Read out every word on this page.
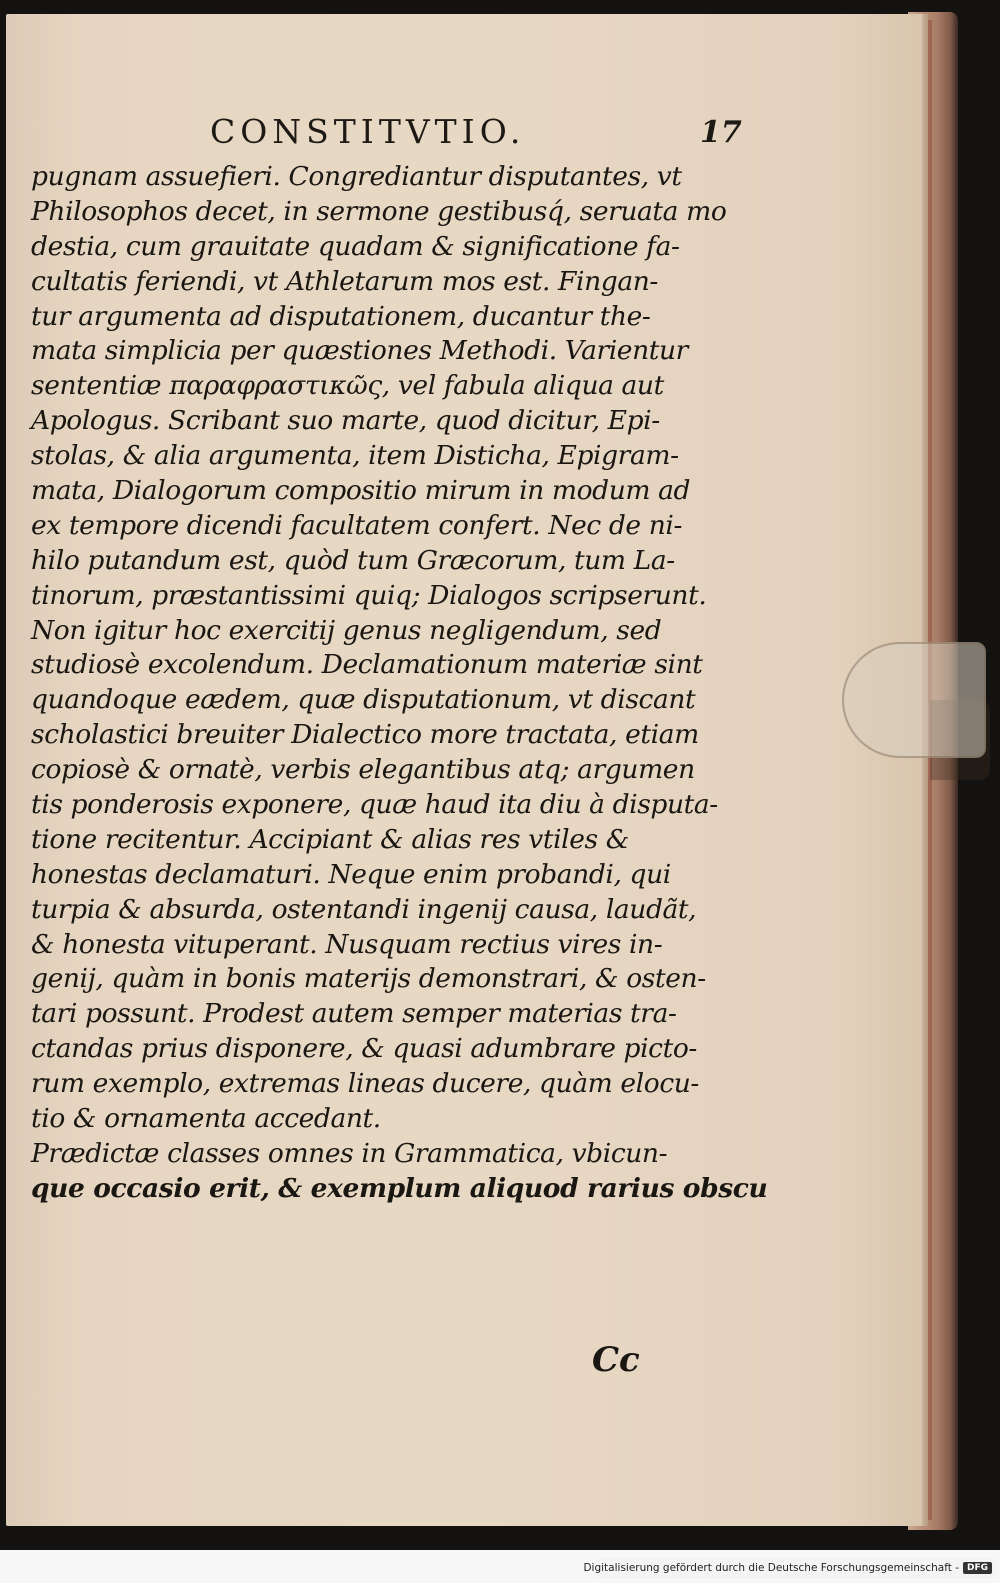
CONSTITVTIO.	17
pugnam assuefieri. Congrediantur disputantes, vt
Philosophos decet, in sermone gestibusq́, seruata mo
destia, cum grauitate quadam & significatione fa-
cultatis feriendi, vt Athletarum mos est. Fingan-
tur argumenta ad disputationem, ducantur the-
mata simplicia per quæstiones Methodi. Varientur
sententiæ παραφραστικῶς, vel fabula aliqua aut
Apologus. Scribant suo marte, quod dicitur, Epi-
stolas, & alia argumenta, item Disticha, Epigram-
mata, Dialogorum compositio mirum in modum ad
ex tempore dicendi facultatem confert. Nec de ni-
hilo putandum est, quòd tum Græcorum, tum La-
tinorum, præstantissimi quiq; Dialogos scripserunt.
Non igitur hoc exercitij genus negligendum, sed
studiosè excolendum. Declamationum materiæ sint
quandoque eædem, quæ disputationum, vt discant
scholastici breuiter Dialectico more tractata, etiam
copiosè & ornatè, verbis elegantibus atq; argumen
tis ponderosis exponere, quæ haud ita diu à disputa-
tione recitentur. Accipiant & alias res vtiles &
honestas declamaturi. Neque enim probandi, qui
turpia & absurda, ostentandi ingenij causa, laudãt,
& honesta vituperant. Nusquam rectius vires in-
genij, quàm in bonis materijs demonstrari, & osten-
tari possunt. Prodest autem semper materias tra-
ctandas prius disponere, & quasi adumbrare picto-
rum exemplo, extremas lineas ducere, quàm elocu-
tio & ornamenta accedant.
Prædictæ classes omnes in Grammatica, vbicun-
que occasio erit, & exemplum aliquod rarius obscu
Cc
Digitalisierung gefördert durch die Deutsche Forschungsgemeinschaft - DFG
